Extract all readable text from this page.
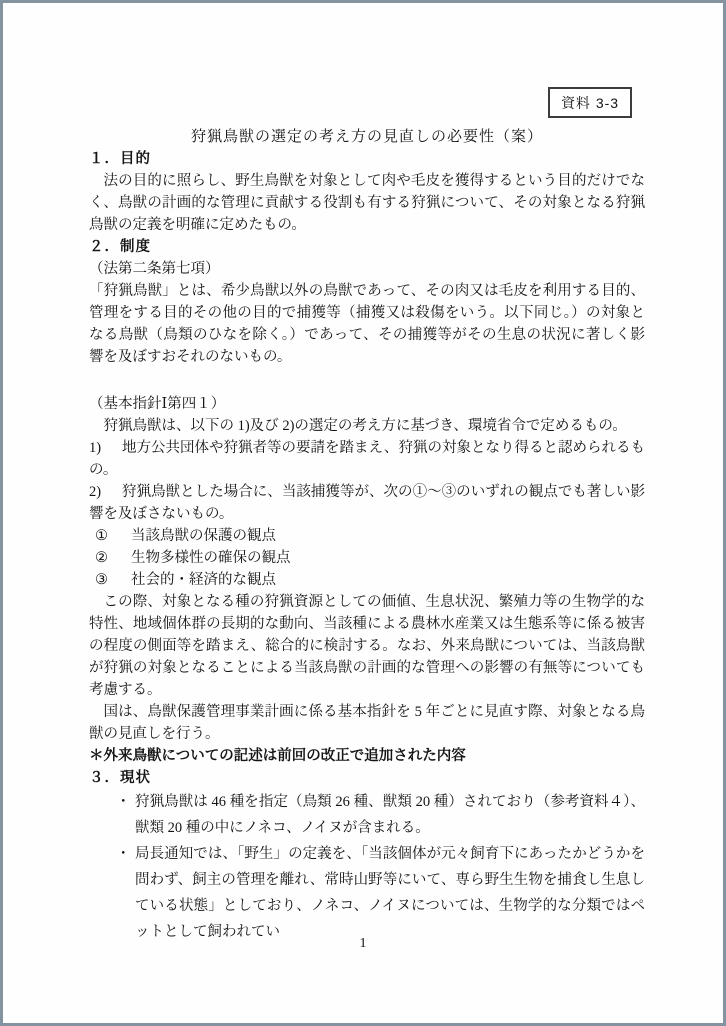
資料 3-3
狩猟鳥獣の選定の考え方の見直しの必要性（案）
１．目的

法の目的に照らし、野生鳥獣を対象として肉や毛皮を獲得するという目的だけでなく、鳥獣の計画的な管理に貢献する役割も有する狩猟について、その対象となる狩猟鳥獣の定義を明確に定めたもの。

２．制度

（法第二条第七項）

「狩猟鳥獣」とは、希少鳥獣以外の鳥獣であって、その肉又は毛皮を利用する目的、管理をする目的その他の目的で捕獲等（捕獲又は殺傷をいう。以下同じ。）の対象となる鳥獣（鳥類のひなを除く。）であって、その捕獲等がその生息の状況に著しく影響を及ぼすおそれのないもの。

（基本指針Ⅰ第四１）

狩猟鳥獣は、以下の 1)及び 2)の選定の考え方に基づき、環境省令で定めるもの。

1) 地方公共団体や狩猟者等の要請を踏まえ、狩猟の対象となり得ると認められるもの。

2) 狩猟鳥獣とした場合に、当該捕獲等が、次の①～③のいずれの観点でも著しい影響を及ぼさないもの。

① 当該鳥獣の保護の観点

② 生物多様性の確保の観点

③ 社会的・経済的な観点

この際、対象となる種の狩猟資源としての価値、生息状況、繁殖力等の生物学的な特性、地域個体群の長期的な動向、当該種による農林水産業又は生態系等に係る被害の程度の側面等を踏まえ、総合的に検討する。なお、外来鳥獣については、当該鳥獣が狩猟の対象となることによる当該鳥獣の計画的な管理への影響の有無等についても考慮する。

国は、鳥獣保護管理事業計画に係る基本指針を 5 年ごとに見直す際、対象となる鳥獣の見直しを行う。

＊外来鳥獣についての記述は前回の改正で追加された内容

３．現状
・ 狩猟鳥獣は 46 種を指定（鳥類 26 種、獣類 20 種）されており（参考資料４）、獣類 20 種の中にノネコ、ノイヌが含まれる。
・ 局長通知では、「野生」の定義を、「当該個体が元々飼育下にあったかどうかを問わず、飼主の管理を離れ、常時山野等にいて、専ら野生生物を捕食し生息している状態」としており、ノネコ、ノイヌについては、生物学的な分類ではペットとして飼われてい
1
